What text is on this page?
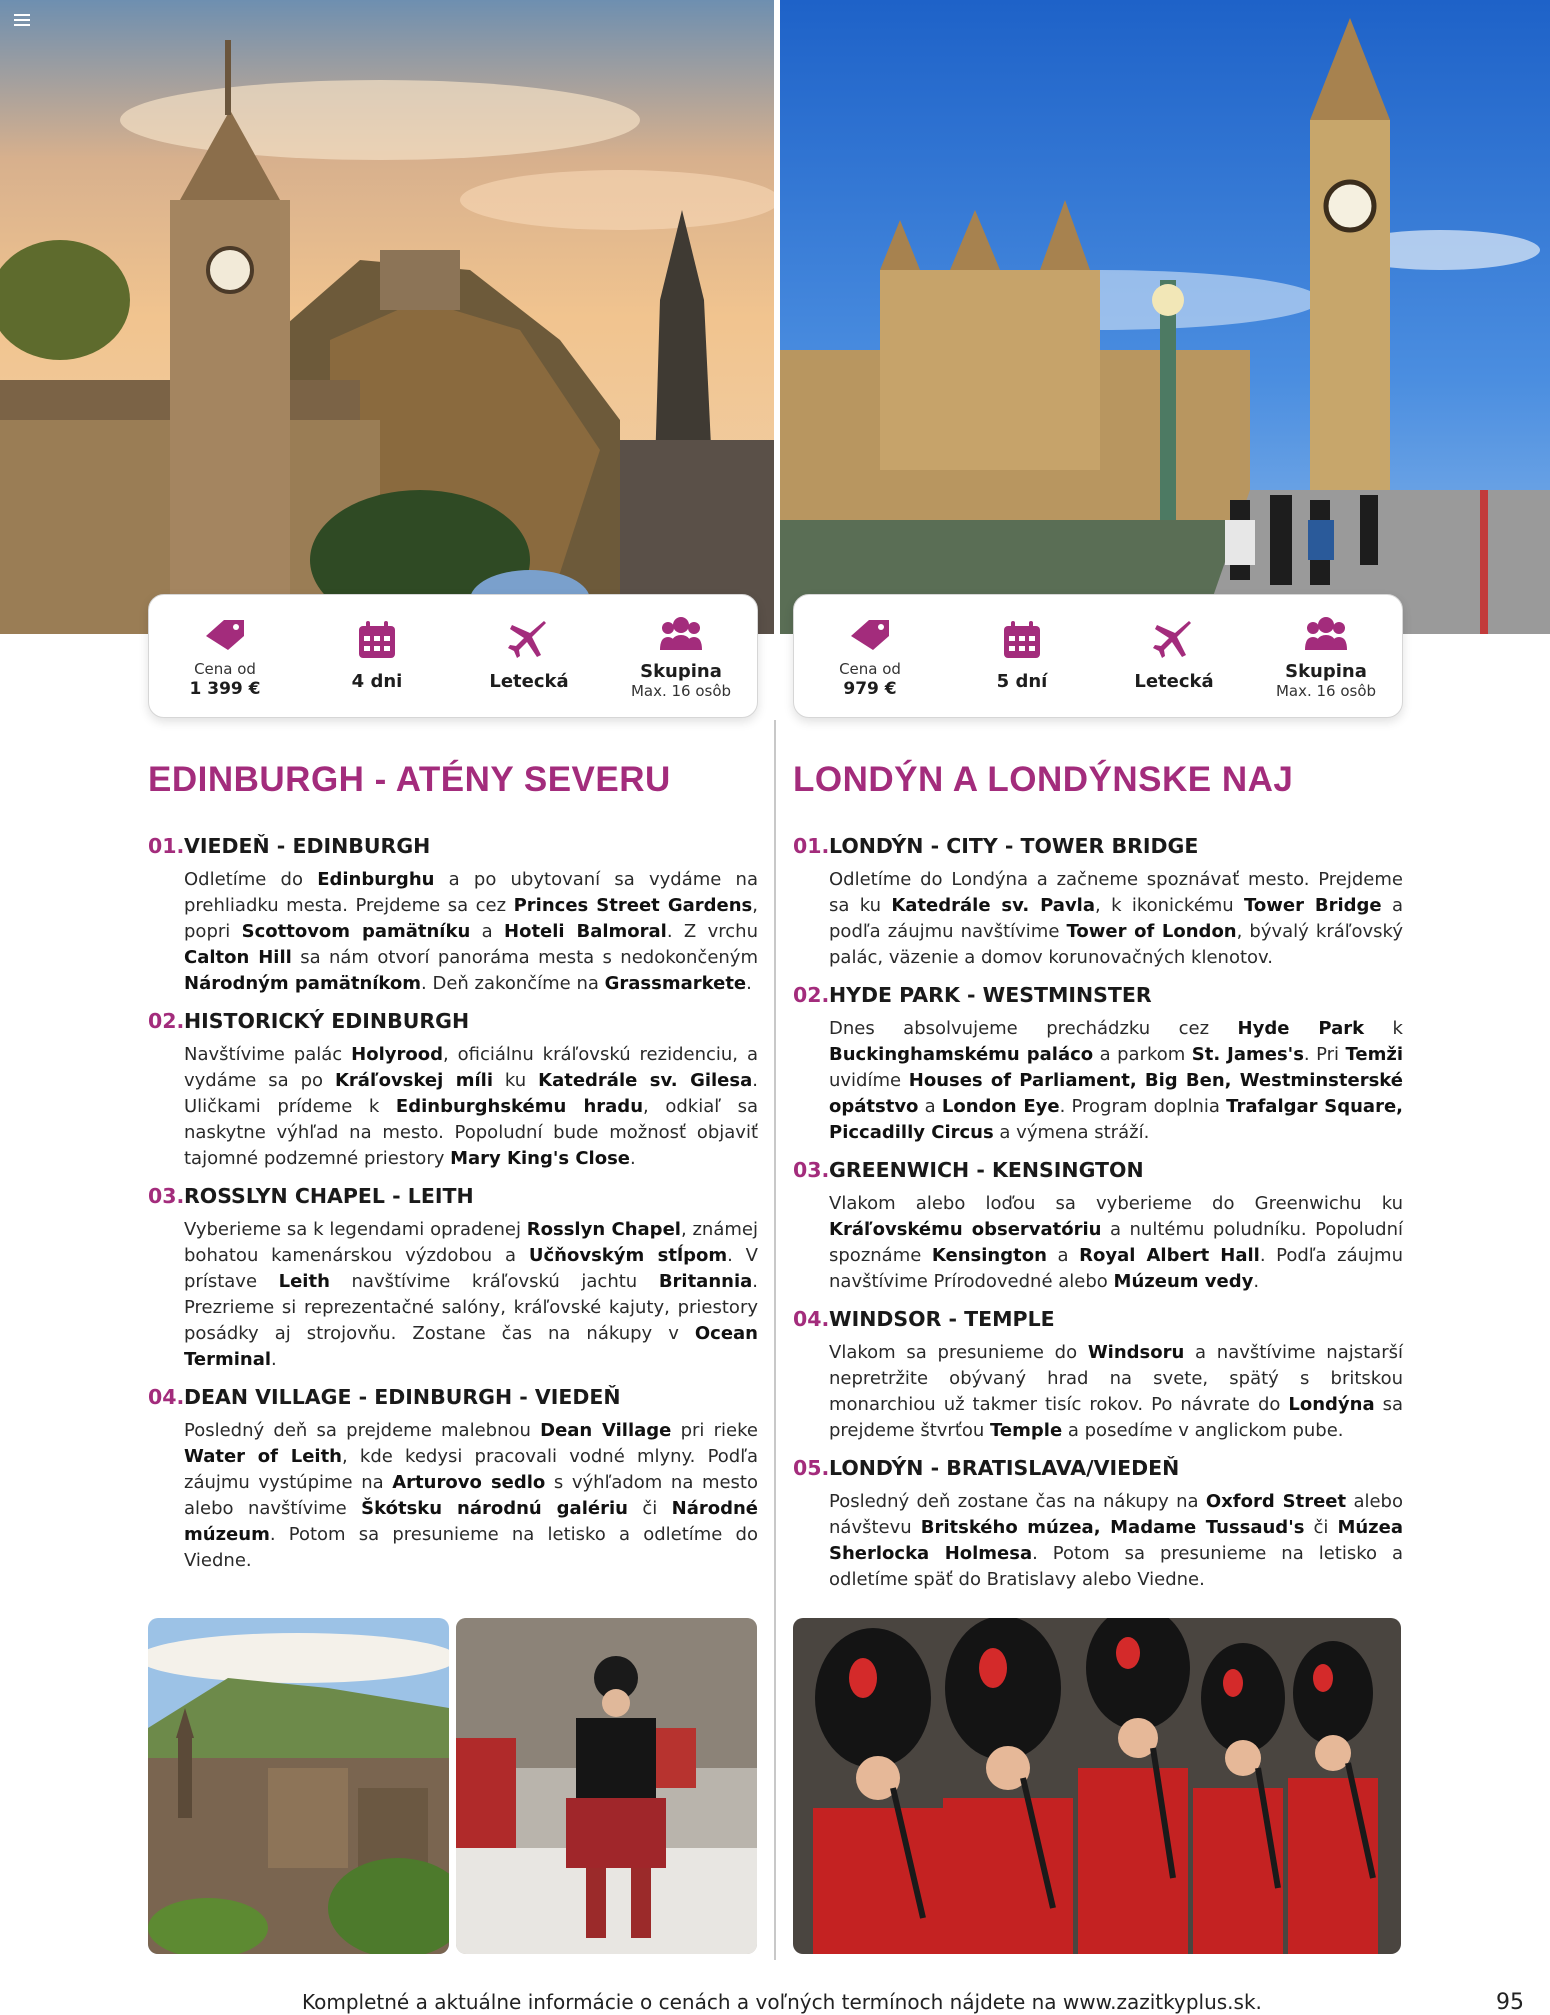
Cena od
1 399 €	4 dni	Letecká	Skupina
Max. 16 osôb
Cena od
979 €	5 dní	Letecká	Skupina
Max. 16 osôb
EDINBURGH - ATÉNY SEVERU
01. VIEDEŇ - EDINBURGH
Odletíme do Edinburghu a po ubytovaní sa vydáme na prehliadku mesta. Prejdeme sa cez Princes Street Gardens, popri Scottovom pamätníku a Hoteli Balmoral. Z vrchu Calton Hill sa nám otvorí panoráma mesta s nedokončeným Národným pamätníkom. Deň zakončíme na Grassmarkete.
02. HISTORICKÝ EDINBURGH
Navštívime palác Holyrood, oficiálnu kráľovskú rezidenciu, a vydáme sa po Kráľovskej míli ku Katedrále sv. Gilesa. Uličkami prídeme k Edinburghskému hradu, odkiaľ sa naskytne výhľad na mesto. Popoludní bude možnosť objaviť tajomné podzemné priestory Mary King's Close.
03. ROSSLYN CHAPEL - LEITH
Vyberieme sa k legendami opradenej Rosslyn Chapel, známej bohatou kamenárskou výzdobou a Učňovským stĺpom. V prístave Leith navštívime kráľovskú jachtu Britannia. Prezrieme si reprezentačné salóny, kráľovské kajuty, priestory posádky aj strojovňu. Zostane čas na nákupy v Ocean Terminal.
04. DEAN VILLAGE - EDINBURGH - VIEDEŇ
Posledný deň sa prejdeme malebnou Dean Village pri rieke Water of Leith, kde kedysi pracovali vodné mlyny. Podľa záujmu vystúpime na Arturovo sedlo s výhľadom na mesto alebo navštívime Škótsku národnú galériu či Národné múzeum. Potom sa presunieme na letisko a odletíme do Viedne.
LONDÝN A LONDÝNSKE NAJ
01. LONDÝN - CITY - TOWER BRIDGE
Odletíme do Londýna a začneme spoznávať mesto. Prejdeme sa ku Katedrále sv. Pavla, k ikonickému Tower Bridge a podľa záujmu navštívime Tower of London, bývalý kráľovský palác, väzenie a domov korunovačných klenotov.
02. HYDE PARK - WESTMINSTER
Dnes absolvujeme prechádzku cez Hyde Park k Buckinghamskému paláco a parkom St. James's. Pri Temži uvidíme Houses of Parliament, Big Ben, Westminsterské opátstvo a London Eye. Program doplnia Trafalgar Square, Piccadilly Circus a výmena stráží.
03. GREENWICH - KENSINGTON
Vlakom alebo loďou sa vyberieme do Greenwichu ku Kráľovskému observatóriu a nultému poludníku. Popoludní spoznáme Kensington a Royal Albert Hall. Podľa záujmu navštívime Prírodovedné alebo Múzeum vedy.
04. WINDSOR - TEMPLE
Vlakom sa presunieme do Windsoru a navštívime najstarší nepretržite obývaný hrad na svete, spätý s britskou monarchiou už takmer tisíc rokov. Po návrate do Londýna sa prejdeme štvrťou Temple a posedíme v anglickom pube.
05. LONDÝN - BRATISLAVA/VIEDEŇ
Posledný deň zostane čas na nákupy na Oxford Street alebo návštevu Britského múzea, Madame Tussaud's či Múzea Sherlocka Holmesa. Potom sa presunieme na letisko a odletíme späť do Bratislavy alebo Viedne.
Kompletné a aktuálne informácie o cenách a voľných termínoch nájdete na www.zazitkyplus.sk.	95
